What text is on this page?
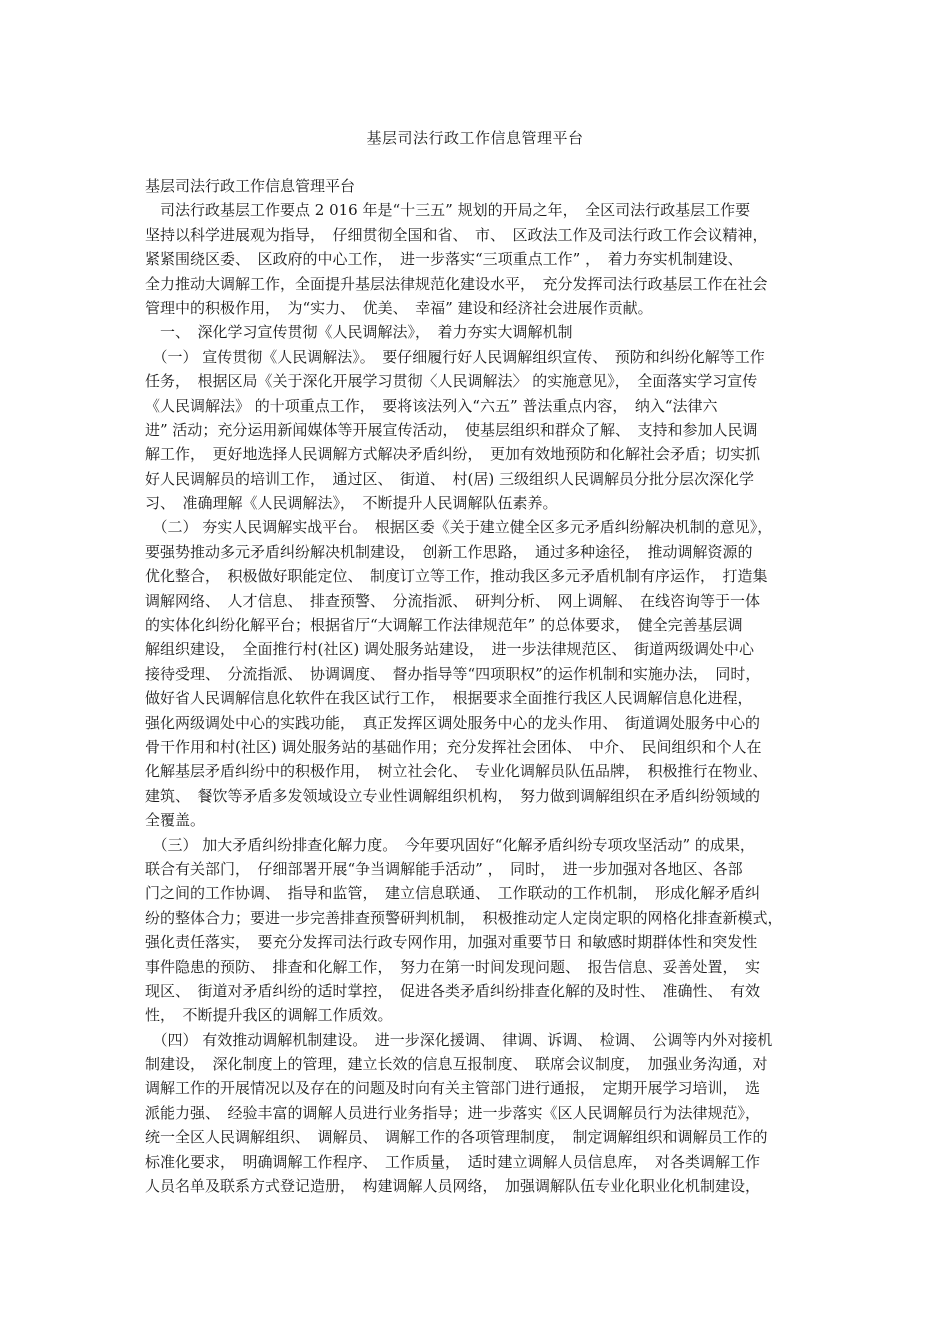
基层司法行政工作信息管理平台
基层司法行政工作信息管理平台
　司法行政基层工作要点 2 016 年是“十三五” 规划的开局之年，　全区司法行政基层工作要
坚持以科学进展观为指导，　仔细贯彻全国和省、　市、　区政法工作及司法行政工作会议精神，
紧紧围绕区委、　区政府的中心工作，　进一步落实“三项重点工作” ，　着力夯实机制建设、
全力推动大调解工作，全面提升基层法律规范化建设水平，　充分发挥司法行政基层工作在社会
管理中的积极作用，　为“实力、　优美、　幸福” 建设和经济社会进展作贡献。
　一、　深化学习宣传贯彻《人民调解法》，　着力夯实大调解机制
　（一） 宣传贯彻《人民调解法》。　要仔细履行好人民调解组织宣传、　预防和纠纷化解等工作
任务，　根据区局《关于深化开展学习贯彻〈人民调解法〉 的实施意见》，　全面落实学习宣传
《人民调解法》 的十项重点工作，　要将该法列入“六五” 普法重点内容，　纳入“法律六
进” 活动；充分运用新闻媒体等开展宣传活动，　使基层组织和群众了解、　支持和参加人民调
解工作，　更好地选择人民调解方式解决矛盾纠纷，　更加有效地预防和化解社会矛盾；切实抓
好人民调解员的培训工作，　通过区、　街道、　村(居) 三级组织人民调解员分批分层次深化学
习、　准确理解《人民调解法》，　不断提升人民调解队伍素养。
　（二） 夯实人民调解实战平台。　根据区委《关于建立健全区多元矛盾纠纷解决机制的意见》，
要强势推动多元矛盾纠纷解决机制建设，　创新工作思路，　通过多种途径，　推动调解资源的
优化整合，　积极做好职能定位、　制度订立等工作，推动我区多元矛盾机制有序运作，　打造集
调解网络、　人才信息、　排查预警、　分流指派、　研判分析、　网上调解、　在线咨询等于一体
的实体化纠纷化解平台；根据省厅“大调解工作法律规范年” 的总体要求，　健全完善基层调
解组织建设，　全面推行村(社区) 调处服务站建设，　进一步法律规范区、　街道两级调处中心
接待受理、　分流指派、　协调调度、　督办指导等“四项职权”的运作机制和实施办法，　同时，
做好省人民调解信息化软件在我区试行工作，　根据要求全面推行我区人民调解信息化进程，
强化两级调处中心的实践功能，　真正发挥区调处服务中心的龙头作用、　街道调处服务中心的
骨干作用和村(社区) 调处服务站的基础作用；充分发挥社会团体、　中介、　民间组织和个人在
化解基层矛盾纠纷中的积极作用，　树立社会化、　专业化调解员队伍品牌，　积极推行在物业、
建筑、　餐饮等矛盾多发领域设立专业性调解组织机构，　努力做到调解组织在矛盾纠纷领域的
全覆盖。
　（三） 加大矛盾纠纷排查化解力度。　今年要巩固好“化解矛盾纠纷专项攻坚活动” 的成果，
联合有关部门，　仔细部署开展“争当调解能手活动” ，　同时，　进一步加强对各地区、各部
门之间的工作协调、　指导和监管，　建立信息联通、　工作联动的工作机制，　形成化解矛盾纠
纷的整体合力；要进一步完善排查预警研判机制，　积极推动定人定岗定职的网格化排查新模式，
强化责任落实，　要充分发挥司法行政专网作用，加强对重要节日 和敏感时期群体性和突发性
事件隐患的预防、　排查和化解工作，　努力在第一时间发现问题、　报告信息、妥善处置，　实
现区、　街道对矛盾纠纷的适时掌控，　促进各类矛盾纠纷排查化解的及时性、　准确性、　有效
性，　不断提升我区的调解工作质效。
　（四） 有效推动调解机制建设。　进一步深化援调、　律调、诉调、　检调、　公调等内外对接机
制建设，　深化制度上的管理，建立长效的信息互报制度、　联席会议制度，　加强业务沟通，对
调解工作的开展情况以及存在的问题及时向有关主管部门进行通报，　定期开展学习培训，　选
派能力强、　经验丰富的调解人员进行业务指导；进一步落实《区人民调解员行为法律规范》，
统一全区人民调解组织、　调解员、　调解工作的各项管理制度，　制定调解组织和调解员工作的
标准化要求，　明确调解工作程序、　工作质量，　适时建立调解人员信息库，　对各类调解工作
人员名单及联系方式登记造册，　构建调解人员网络，　加强调解队伍专业化职业化机制建设，
